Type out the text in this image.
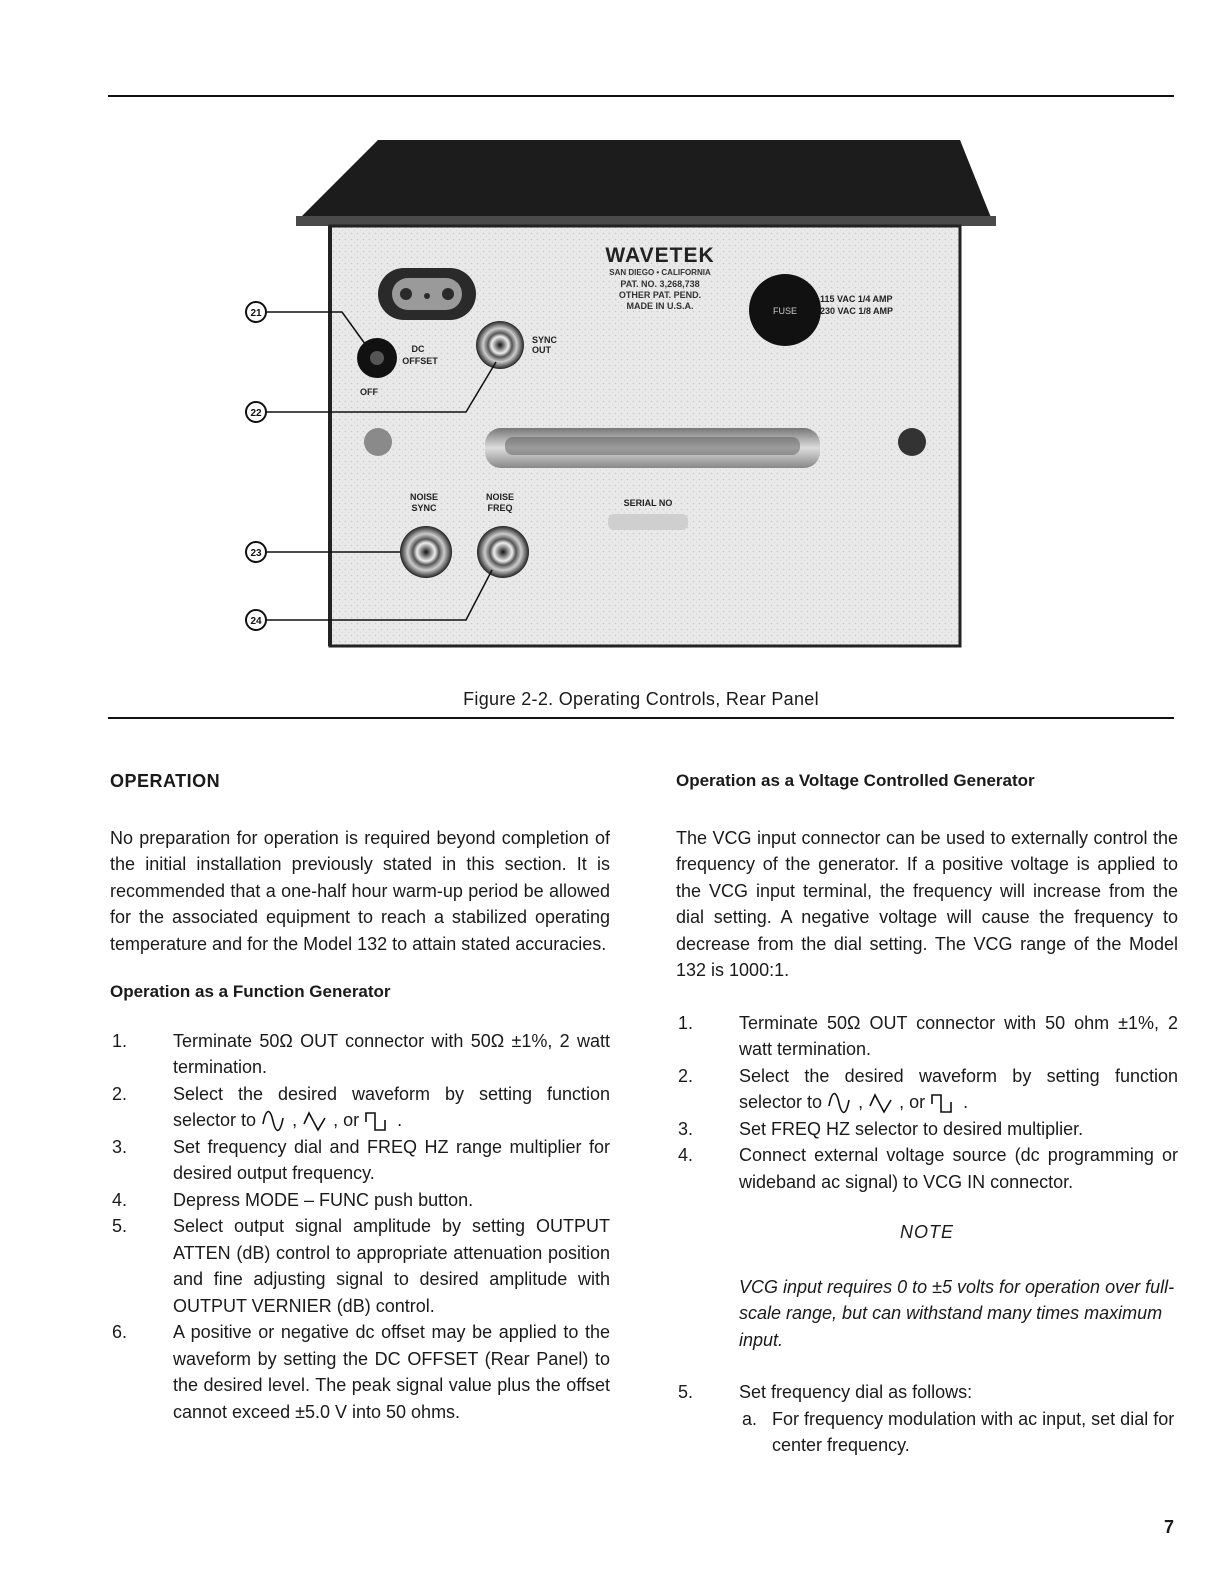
WAVETEK
SAN DIEGO • CALIFORNIA
PAT. NO. 3,268,738
OTHER PAT. PEND.
MADE IN U.S.A.	FUSE
115 VAC 1/4 AMP
230 VAC 1/8 AMP
DC
OFFSET
OFF
SYNC
OUT
NOISE
SYNC
NOISE
FREQ	SERIAL NO
21
22
23
24
Figure 2-2. Operating Controls, Rear Panel
OPERATION

No preparation for operation is required beyond completion of the initial installation previously stated in this section. It is recommended that a one-half hour warm-up period be allowed for the associated equipment to reach a stabilized operating temperature and for the Model 132 to attain stated accuracies.

Operation as a Function Generator
1.	Terminate 50Ω OUT connector with 50Ω ±1%, 2 watt termination.
2.	Select the desired waveform by setting function selector to , , or .
3.	Set frequency dial and FREQ HZ range multiplier for desired output frequency.
4.	Depress MODE – FUNC push button.
5.	Select output signal amplitude by setting OUTPUT ATTEN (dB) control to appropriate attenuation position and fine adjusting signal to desired amplitude with OUTPUT VERNIER (dB) control.
6.	A positive or negative dc offset may be applied to the waveform by setting the DC OFFSET (Rear Panel) to the desired level. The peak signal value plus the offset cannot exceed ±5.0 V into 50 ohms.
Operation as a Voltage Controlled Generator

The VCG input connector can be used to externally control the frequency of the generator. If a positive voltage is applied to the VCG input terminal, the frequency will increase from the dial setting. A negative voltage will cause the frequency to decrease from the dial setting. The VCG range of the Model 132 is 1000:1.

1.	Terminate 50Ω OUT connector with 50 ohm ±1%, 2 watt termination.
2.	Select the desired waveform by setting function selector to , , or .
3.	Set FREQ HZ selector to desired multiplier.
4.	Connect external voltage source (dc programming or wideband ac signal) to VCG IN connector.
NOTE
VCG input requires 0 to ±5 volts for operation over full-scale range, but can withstand many times maximum input.
5.	Set frequency dial as follows:
a. For frequency modulation with ac input, set dial for center frequency.
7
